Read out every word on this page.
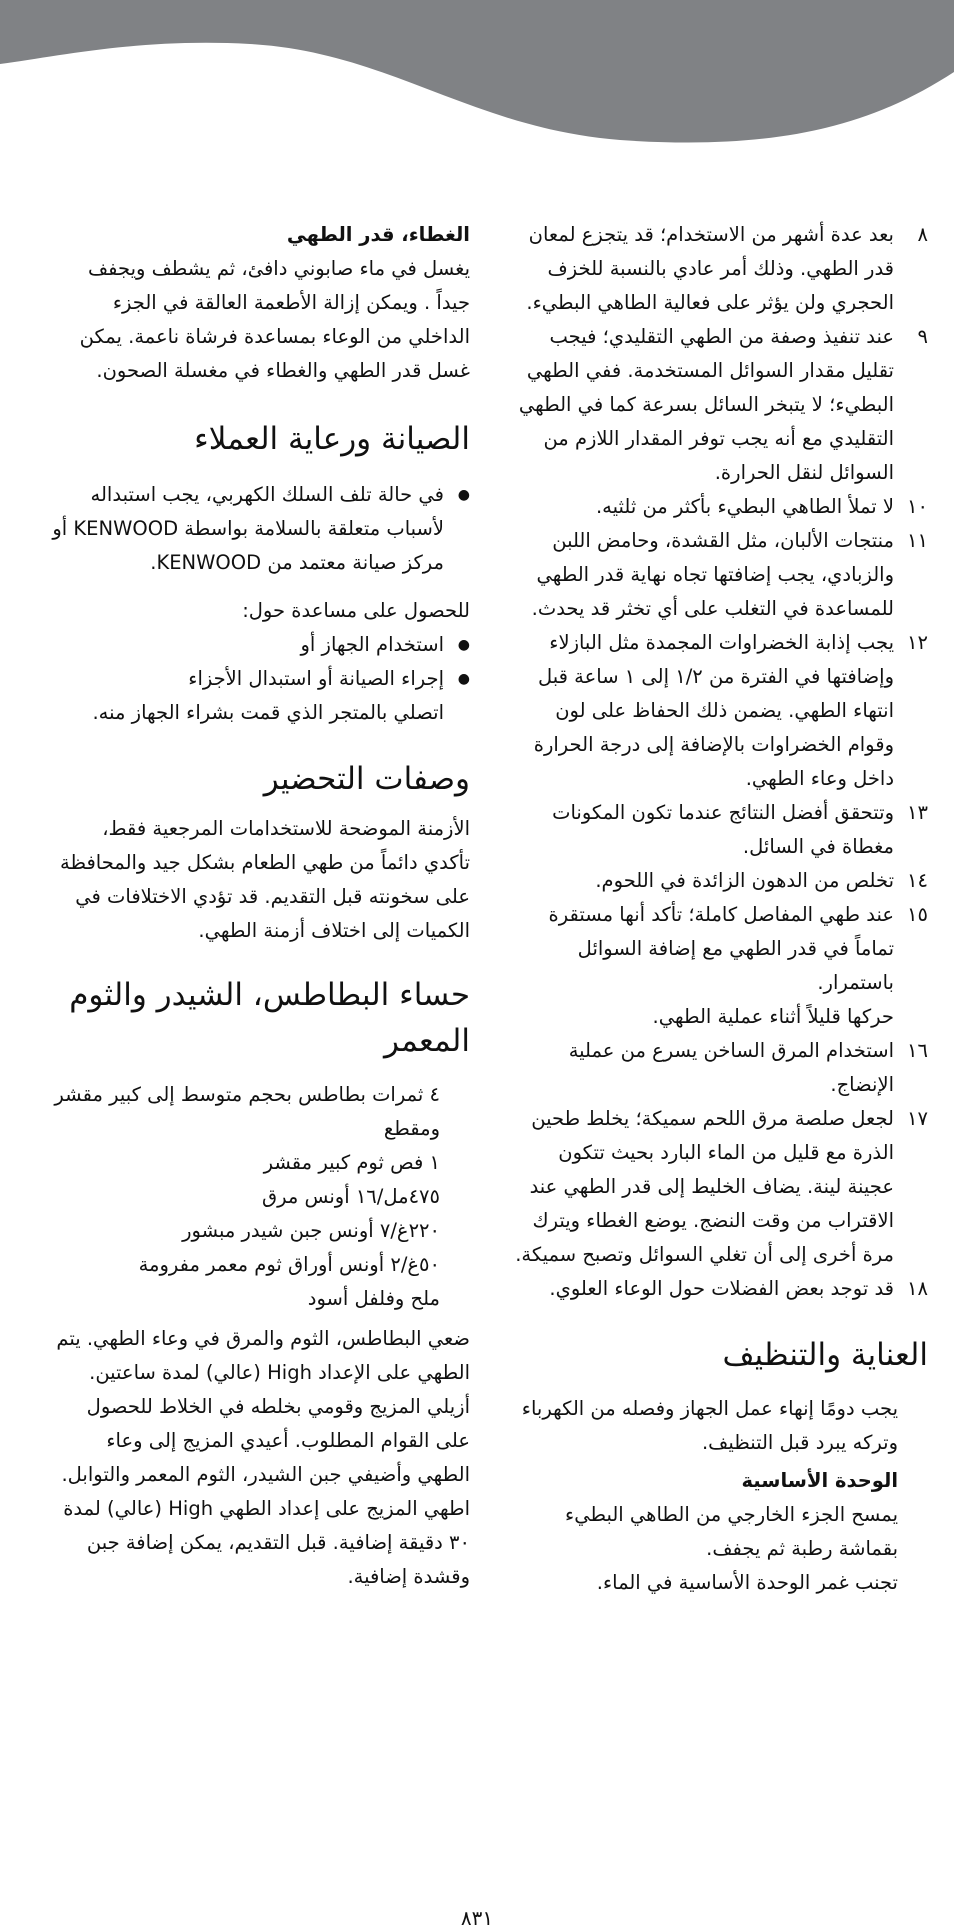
٨
بعد عدة أشهر من الاستخدام؛ قد يتجزع لمعان قدر الطهي. وذلك أمر عادي بالنسبة للخزف الحجري ولن يؤثر على فعالية الطاهي البطيء.
٩
عند تنفيذ وصفة من الطهي التقليدي؛ فيجب تقليل مقدار السوائل المستخدمة. ففي الطهي البطيء؛ لا يتبخر السائل بسرعة كما في الطهي التقليدي مع أنه يجب توفر المقدار اللازم من السوائل لنقل الحرارة.
١٠
لا تملأ الطاهي البطيء بأكثر من ثلثيه.
١١
منتجات الألبان، مثل القشدة، وحامض اللبن والزبادي، يجب إضافتها تجاه نهاية قدر الطهي للمساعدة في التغلب على أي تخثر قد يحدث.
١٢
يجب إذابة الخضراوات المجمدة مثل البازلاء وإضافتها في الفترة من ١/٢ إلى ١ ساعة قبل انتهاء الطهي. يضمن ذلك الحفاظ على لون وقوام الخضراوات بالإضافة إلى درجة الحرارة داخل وعاء الطهي.
١٣
وتتحقق أفضل النتائج عندما تكون المكونات مغطاة في السائل.
١٤
تخلص من الدهون الزائدة في اللحوم.
١٥
عند طهي المفاصل كاملة؛ تأكد أنها مستقرة تماماً في قدر الطهي مع إضافة السوائل باستمرار.
حركها قليلاً أثناء عملية الطهي.
١٦
استخدام المرق الساخن يسرع من عملية الإنضاج.
١٧
لجعل صلصة مرق اللحم سميكة؛ يخلط طحين الذرة مع قليل من الماء البارد بحيث تتكون عجينة لينة. يضاف الخليط إلى قدر الطهي عند الاقتراب من وقت النضج. يوضع الغطاء ويترك مرة أخرى إلى أن تغلي السوائل وتصبح سميكة.
١٨
قد توجد بعض الفضلات حول الوعاء العلوي.
العناية والتنظيف
يجب دومًا إنهاء عمل الجهاز وفصله من الكهرباء وتركه يبرد قبل التنظيف.
الوحدة الأساسية
يمسح الجزء الخارجي من الطاهي البطيء بقماشة رطبة ثم يجفف.
تجنب غمر الوحدة الأساسية في الماء.
الغطاء، قدر الطهي
يغسل في ماء صابوني دافئ، ثم يشطف ويجفف جيداً . ويمكن إزالة الأطعمة العالقة في الجزء الداخلي من الوعاء بمساعدة فرشاة ناعمة. يمكن غسل قدر الطهي والغطاء في مغسلة الصحون.
الصيانة ورعاية العملاء
● في حالة تلف السلك الكهربي، يجب استبداله لأسباب متعلقة بالسلامة بواسطة KENWOOD أو مركز صيانة معتمد من KENWOOD.
للحصول على مساعدة حول:
● استخدام الجهاز أو
● إجراء الصيانة أو استبدال الأجزاء
اتصلي بالمتجر الذي قمت بشراء الجهاز منه.
وصفات التحضير
الأزمنة الموضحة للاستخدامات المرجعية فقط، تأكدي دائماً من طهي الطعام بشكل جيد والمحافظة على سخونته قبل التقديم. قد تؤدي الاختلافات في الكميات إلى اختلاف أزمنة الطهي.
حساء البطاطس، الشيدر والثوم المعمر
٤ ثمرات بطاطس بحجم متوسط إلى كبير مقشر ومقطع
١ فص ثوم كبير مقشر
٤٧٥مل/١٦ أونس مرق
٢٢٠غ/٧ أونس جبن شيدر مبشور
٥٠غ/٢ أونس أوراق ثوم معمر مفرومة
ملح وفلفل أسود
ضعي البطاطس، الثوم والمرق في وعاء الطهي. يتم الطهي على الإعداد High (عالي) لمدة ساعتين. أزيلي المزيج وقومي بخلطه في الخلاط للحصول على القوام المطلوب. أعيدي المزيج إلى وعاء الطهي وأضيفي جبن الشيدر، الثوم المعمر والتوابل. اطهي المزيج على إعداد الطهي High (عالي) لمدة ٣٠ دقيقة إضافية. قبل التقديم، يمكن إضافة جبن وقشدة إضافية.
٨٣١
